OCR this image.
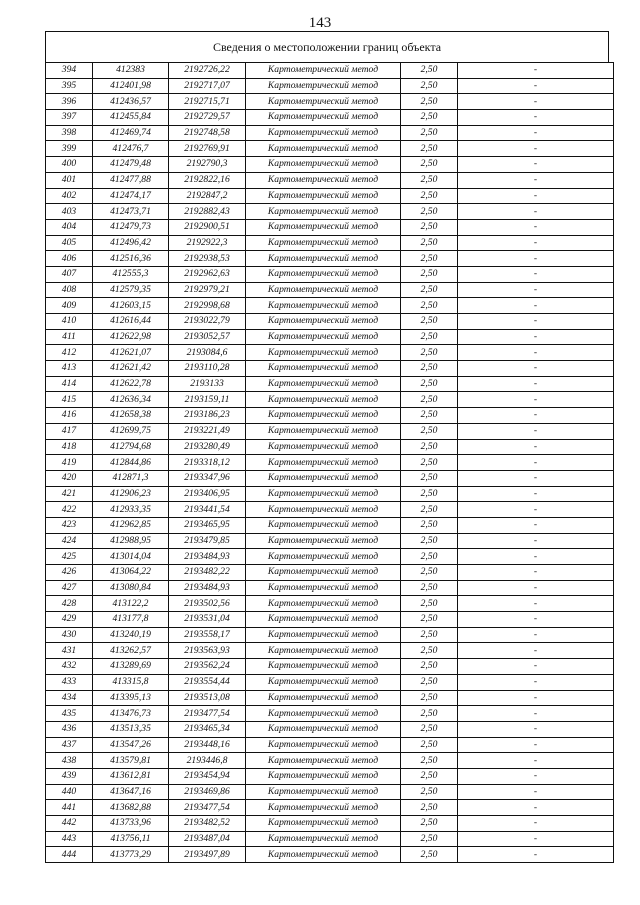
143
Сведения о местоположении границ объекта
394	412383	2192726,22	Картометрический метод	2,50	-
395	412401,98	2192717,07	Картометрический метод	2,50	-
396	412436,57	2192715,71	Картометрический метод	2,50	-
397	412455,84	2192729,57	Картометрический метод	2,50	-
398	412469,74	2192748,58	Картометрический метод	2,50	-
399	412476,7	2192769,91	Картометрический метод	2,50	-
400	412479,48	2192790,3	Картометрический метод	2,50	-
401	412477,88	2192822,16	Картометрический метод	2,50	-
402	412474,17	2192847,2	Картометрический метод	2,50	-
403	412473,71	2192882,43	Картометрический метод	2,50	-
404	412479,73	2192900,51	Картометрический метод	2,50	-
405	412496,42	2192922,3	Картометрический метод	2,50	-
406	412516,36	2192938,53	Картометрический метод	2,50	-
407	412555,3	2192962,63	Картометрический метод	2,50	-
408	412579,35	2192979,21	Картометрический метод	2,50	-
409	412603,15	2192998,68	Картометрический метод	2,50	-
410	412616,44	2193022,79	Картометрический метод	2,50	-
411	412622,98	2193052,57	Картометрический метод	2,50	-
412	412621,07	2193084,6	Картометрический метод	2,50	-
413	412621,42	2193110,28	Картометрический метод	2,50	-
414	412622,78	2193133	Картометрический метод	2,50	-
415	412636,34	2193159,11	Картометрический метод	2,50	-
416	412658,38	2193186,23	Картометрический метод	2,50	-
417	412699,75	2193221,49	Картометрический метод	2,50	-
418	412794,68	2193280,49	Картометрический метод	2,50	-
419	412844,86	2193318,12	Картометрический метод	2,50	-
420	412871,3	2193347,96	Картометрический метод	2,50	-
421	412906,23	2193406,95	Картометрический метод	2,50	-
422	412933,35	2193441,54	Картометрический метод	2,50	-
423	412962,85	2193465,95	Картометрический метод	2,50	-
424	412988,95	2193479,85	Картометрический метод	2,50	-
425	413014,04	2193484,93	Картометрический метод	2,50	-
426	413064,22	2193482,22	Картометрический метод	2,50	-
427	413080,84	2193484,93	Картометрический метод	2,50	-
428	413122,2	2193502,56	Картометрический метод	2,50	-
429	413177,8	2193531,04	Картометрический метод	2,50	-
430	413240,19	2193558,17	Картометрический метод	2,50	-
431	413262,57	2193563,93	Картометрический метод	2,50	-
432	413289,69	2193562,24	Картометрический метод	2,50	-
433	413315,8	2193554,44	Картометрический метод	2,50	-
434	413395,13	2193513,08	Картометрический метод	2,50	-
435	413476,73	2193477,54	Картометрический метод	2,50	-
436	413513,35	2193465,34	Картометрический метод	2,50	-
437	413547,26	2193448,16	Картометрический метод	2,50	-
438	413579,81	2193446,8	Картометрический метод	2,50	-
439	413612,81	2193454,94	Картометрический метод	2,50	-
440	413647,16	2193469,86	Картометрический метод	2,50	-
441	413682,88	2193477,54	Картометрический метод	2,50	-
442	413733,96	2193482,52	Картометрический метод	2,50	-
443	413756,11	2193487,04	Картометрический метод	2,50	-
444	413773,29	2193497,89	Картометрический метод	2,50	-
